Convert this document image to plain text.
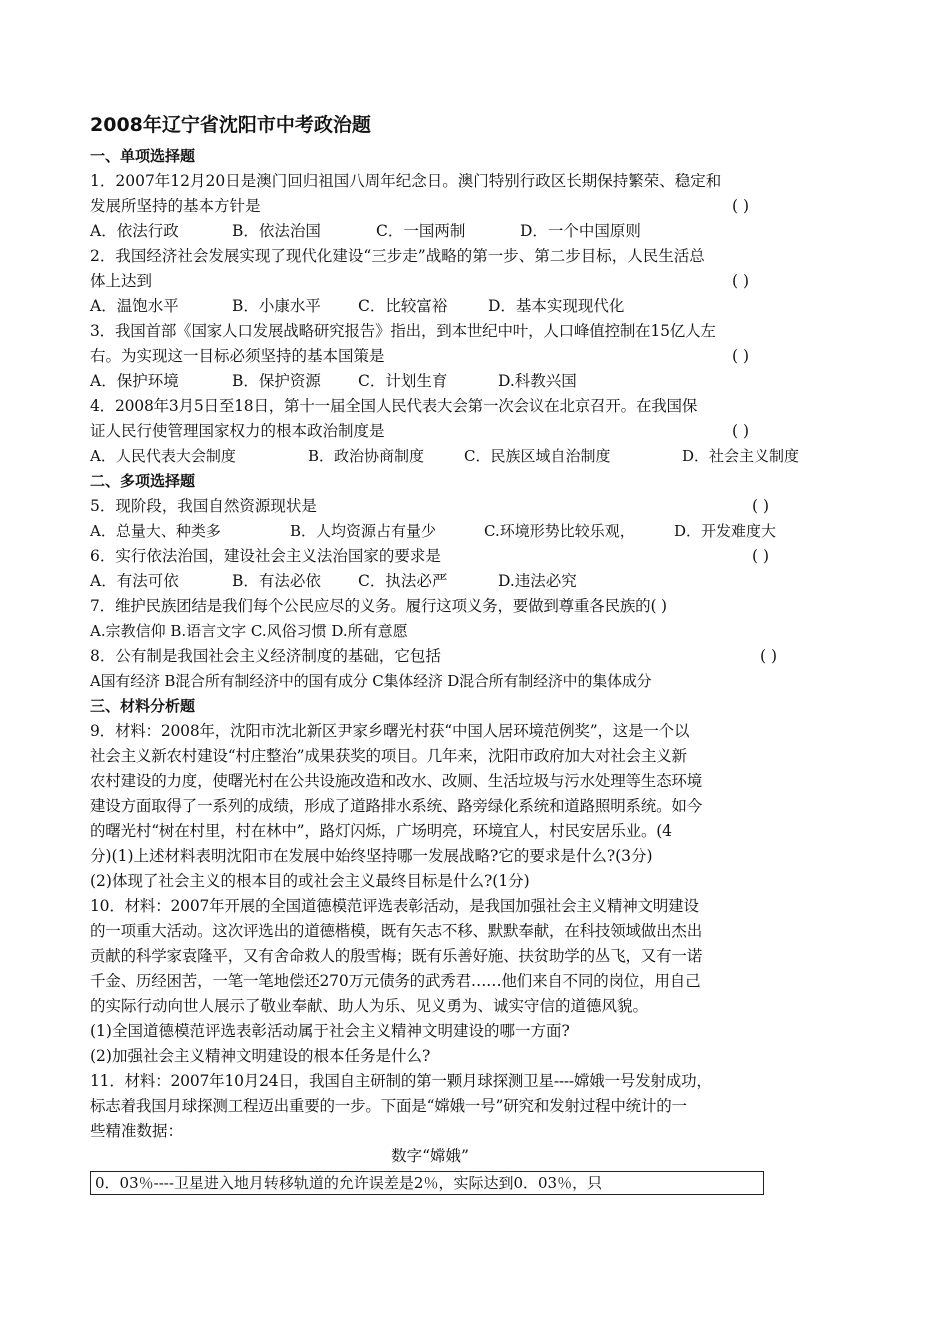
2008年辽宁省沈阳市中考政治题
一、单项选择题
1．2007年12月20日是澳门回归祖国八周年纪念日。澳门特别行政区长期保持繁荣、稳定和
发展所坚持的基本方针是	( )
A．依法行政	B．依法治国	C．一国两制	D．一个中国原则
2．我国经济社会发展实现了现代化建设“三步走”战略的第一步、第二步目标，人民生活总
体上达到	( )
A．温饱水平	B．小康水平 C．比较富裕	D．基本实现现代化
3．我国首部《国家人口发展战略研究报告》指出，到本世纪中叶，人口峰值控制在15亿人左
右。为实现这一目标必须坚持的基本国策是	( )
A．保护环境	B．保护资源 C．计划生育	D.科教兴国
4．2008年3月5日至18日，第十一届全国人民代表大会第一次会议在北京召开。在我国保
证人民行使管理国家权力的根本政治制度是	( )
A．人民代表大会制度	B．政治协商制度	C．民族区域自治制度	D．社会主义制度
二、多项选择题
5．现阶段，我国自然资源现状是	( )
A．总量大、种类多	B．人均资源占有量少	C.环境形势比较乐观，	D．开发难度大
6．实行依法治国，建设社会主义法治国家的要求是	( )
A．有法可依	B．有法必依 C．执法必严	D.违法必究
7．维护民族团结是我们每个公民应尽的义务。履行这项义务，要做到尊重各民族的( )
A.宗教信仰 B.语言文字 C.风俗习惯 D.所有意愿
8．公有制是我国社会主义经济制度的基础，它包括	( )
A国有经济 B混合所有制经济中的国有成分 C集体经济 D混合所有制经济中的集体成分
三、材料分析题
9．材料：2008年，沈阳市沈北新区尹家乡曙光村获“中国人居环境范例奖”，这是一个以
社会主义新农村建设“村庄整治”成果获奖的项目。几年来，沈阳市政府加大对社会主义新
农村建设的力度，使曙光村在公共设施改造和改水、改厕、生活垃圾与污水处理等生态环境
建设方面取得了一系列的成绩，形成了道路排水系统、路旁绿化系统和道路照明系统。如今
的曙光村“树在村里，村在林中”，路灯闪烁，广场明亮，环境宜人，村民安居乐业。(4
分)(1)上述材料表明沈阳市在发展中始终坚持哪一发展战略?它的要求是什么?(3分)
(2)体现了社会主义的根本目的或社会主义最终目标是什么?(1分)
10．材料：2007年开展的全国道德模范评选表彰活动，是我国加强社会主义精神文明建设
的一项重大活动。这次评选出的道德楷模，既有矢志不移、默默奉献，在科技领域做出杰出
贡献的科学家袁隆平，又有舍命救人的殷雪梅；既有乐善好施、扶贫助学的丛飞，又有一诺
千金、历经困苦，一笔一笔地偿还270万元债务的武秀君……他们来自不同的岗位，用自己
的实际行动向世人展示了敬业奉献、助人为乐、见义勇为、诚实守信的道德风貌。
(1)全国道德模范评选表彰活动属于社会主义精神文明建设的哪一方面?
(2)加强社会主义精神文明建设的根本任务是什么?
11．材料：2007年10月24日，我国自主研制的第一颗月球探测卫星----嫦娥一号发射成功，
标志着我国月球探测工程迈出重要的一步。下面是“嫦娥一号”研究和发射过程中统计的一
些精准数据：
数字“嫦娥”
0．03％----卫星进入地月转移轨道的允许误差是2％，实际达到0．03％，只
